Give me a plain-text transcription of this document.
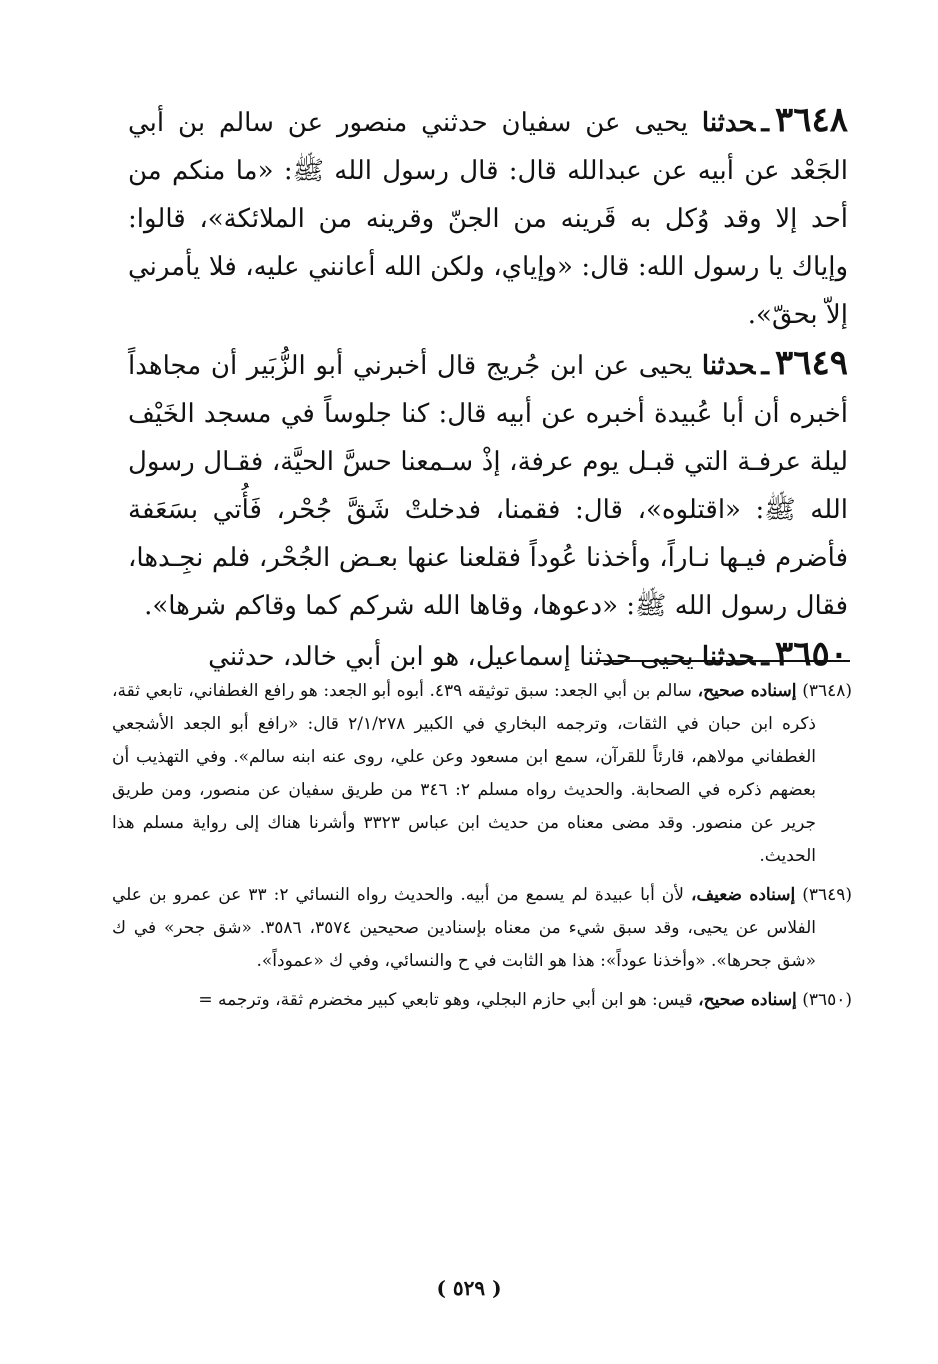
٣٦٤٨ـحدثنا يحيى عن سفيان حدثني منصور عن سالم بن أبي الجَعْد عن أبيه عن عبدالله قال: قال رسول الله ﷺ: «ما منكم من أحد إلا وقد وُكل به قَرينه من الجنّ وقرينه من الملائكة»، قالوا: وإياك يا رسول الله: قال: «وإياي، ولكن الله أعانني عليه، فلا يأمرني إلاّ بحقّ».

٣٦٤٩ـحدثنا يحيى عن ابن جُريج قال أخبرني أبو الزُّبَير أن مجاهداً أخبره أن أبا عُبيدة أخبره عن أبيه قال: كنا جلوساً في مسجد الخَيْف ليلة عرفـة التي قبـل يوم عرفة، إذْ سـمعنا حسَّ الحيَّة، فقـال رسول الله ﷺ: «اقتلوه»، قال: فقمنا، فدخلتْ شَقَّ جُحْر، فَأُتي بسَعَفة فأضرم فيـها نـاراً، وأخذنا عُوداً فقلعنا عنها بعـض الجُحْر، فلم نجِـدها، فقال رسول الله ﷺ: «دعوها، وقاها الله شركم كما وقاكم شرها».

٣٦٥٠ـحدثنا يحيى حدثنا إسماعيل، هو ابن أبي خالد، حدثني

(٣٦٤٨) إسناده صحيح، سالم بن أبي الجعد: سبق توثيقه ٤٣٩. أبوه أبو الجعد: هو رافع الغطفاني، تابعي ثقة، ذكره ابن حبان في الثقات، وترجمه البخاري في الكبير ٢/١/٢٧٨ قال: «رافع أبو الجعد الأشجعي الغطفاني مولاهم، قارئاً للقرآن، سمع ابن مسعود وعن علي، روى عنه ابنه سالم». وفي التهذيب أن بعضهم ذكره في الصحابة. والحديث رواه مسلم ٢: ٣٤٦ من طريق سفيان عن منصور، ومن طريق جرير عن منصور. وقد مضى معناه من حديث ابن عباس ٣٣٢٣ وأشرنا هناك إلى رواية مسلم هذا الحديث.

(٣٦٤٩) إسناده ضعيف، لأن أبا عبيدة لم يسمع من أبيه. والحديث رواه النسائي ٢: ٣٣ عن عمرو بن علي الفلاس عن يحيى، وقد سبق شيء من معناه بإسنادين صحيحين ٣٥٧٤، ٣٥٨٦. «شق جحر» في ك «شق جحرها». «وأخذنا عوداً»: هذا هو الثابت في ح والنسائي، وفي ك «عموداً».

(٣٦٥٠) إسناده صحيح، قيس: هو ابن أبي حازم البجلي، وهو تابعي كبير مخضرم ثقة، وترجمه =

( ٥٢٩ )
